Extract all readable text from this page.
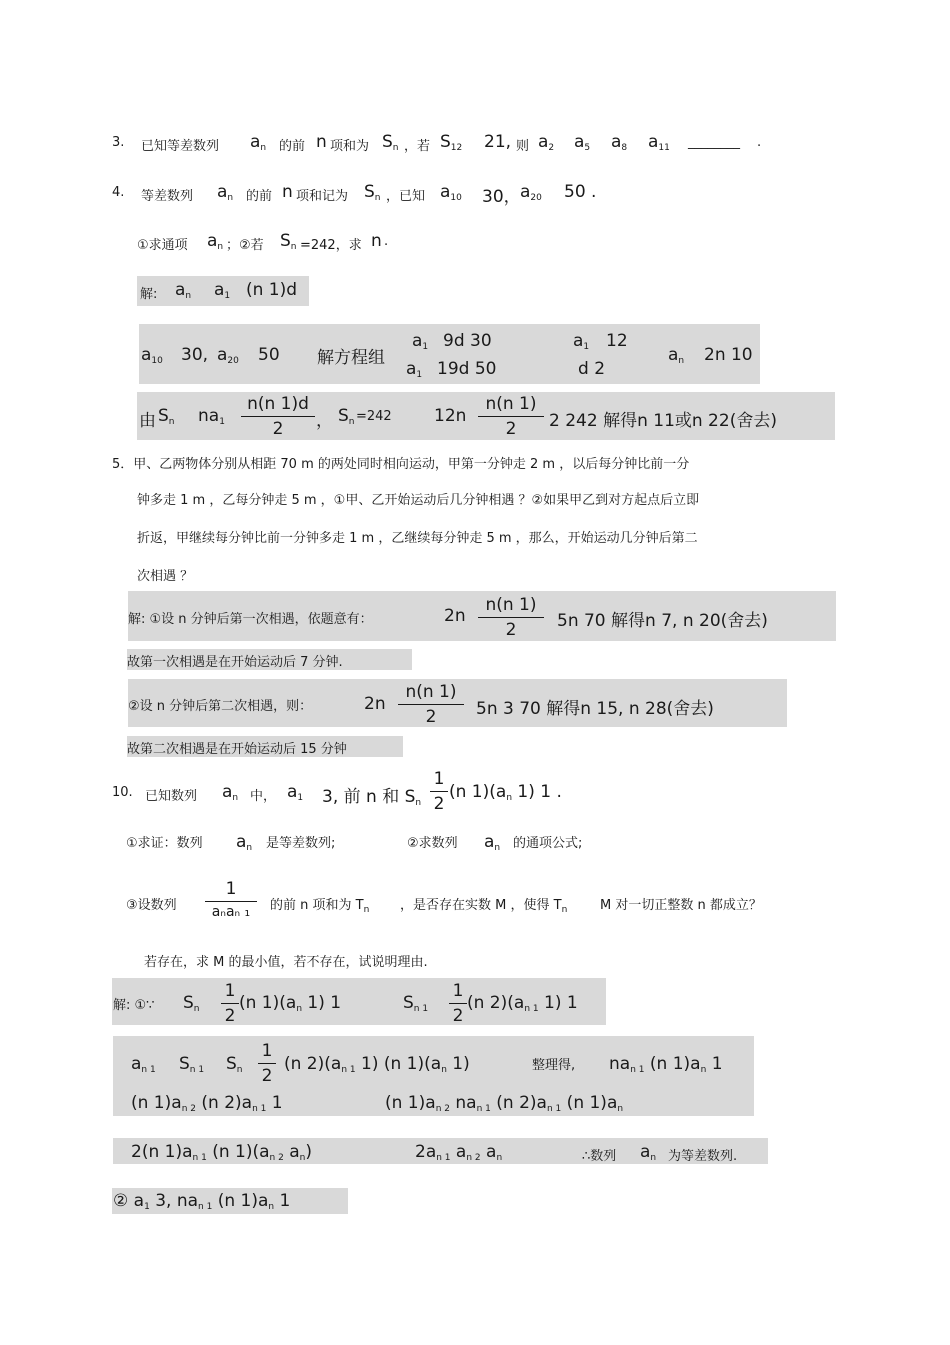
3. 已知等差数列 $a_n$ 的前 n 项和为 $S_n$ ，若 $S_{12}$ 21, 则 $a_2$ $a_5$ $a_8$ $a_{11}$ ________ .
4. 等差数列 $a_n$ 的前 n 项和记为 $S_n$ ，已知 $a_{10}$ 30， $a_{20}$ 50 .
①求通项 $a_n$ ；②若 $S_n =242$，求 n .
解: $a_n$ $a_1$ (n 1)d
$a_{10}$ 30, $a_{20}$ 50 解方程组
$a_1$ 9d 30
$a_1$ 19d 50
$a_1$ 12
d 2
$a_n$ 2n 10
由 $S_n$ $na_1$
n(n 1)d
2	， $S_n =242$ 12n
n(n 1)
2	2 242 解得n 11或n 22(舍去)
5．甲、乙两物体分别从相距 70 m 的两处同时相向运动，甲第一分钟走 2 m ，以后每分钟比前一分
钟多走 1 m ，乙每分钟走 5 m ，①甲、乙开始运动后几分钟相遇 ？②如果甲乙到对方起点后立即
折返，甲继续每分钟比前一分钟多走 1 m ，乙继续每分钟走 5 m ，那么，开始运动几分钟后第二
次相遇 ？
解: ①设 n 分钟后第一次相遇，依题意有：	2n
n(n 1)
2	5n 70 解得n 7, n 20(舍去)
故第一次相遇是在开始运动后 7 分钟.
②设 n 分钟后第二次相遇，则：	2n
n(n 1)
2	5n 3 70 解得n 15, n 28(舍去)
故第二次相遇是在开始运动后 15 分钟
10. 已知数列 $a_n$ 中， $a_1$ 3, 前 n 和 $S_n$
1
2
(n $1)(a_n$ 1) 1 .
①求证：数列 $a_n$ 是等差数列;	②求数列 $a_n$ 的通项公式;
③设数列
1
aₙaₙ ₁	的前 n 项和为 $T_n$ ，是否存在实数 M ，使得 $T_n$	M 对一切正整数 n 都成立？
若存在，求 M 的最小值，若不存在，试说明理由.
解: ①∵ $S_n$
1
2
(n $1)(a_n$ 1) 1	$S_{n 1}$
1
2
(n $2)(a_{n 1}$ 1) 1
$a_{n 1}$ $S_{n 1}$ $S_n$
1
2
(n $2)(a_{n 1}$ 1) (n $1)(a_n$ 1)	整理得, $na_{n 1}$ (n $1)a_n$ 1
(n $1)a_{n 2}$ (n $2)a_{n 1}$ 1	(n $1)a_{n 2}$ $na_{n 1}$ (n $2)a_{n 1}$ (n $1)a_n$
2(n $1)a_{n 1}$ (n $1)(a_{n 2}$ $a_n$)	$2a_{n 1}$ $a_{n 2}$ $a_n$	∴数列 $a_n$ 为等差数列.
② $a_1$ 3, $na_{n 1}$ (n $1)a_n$ 1
